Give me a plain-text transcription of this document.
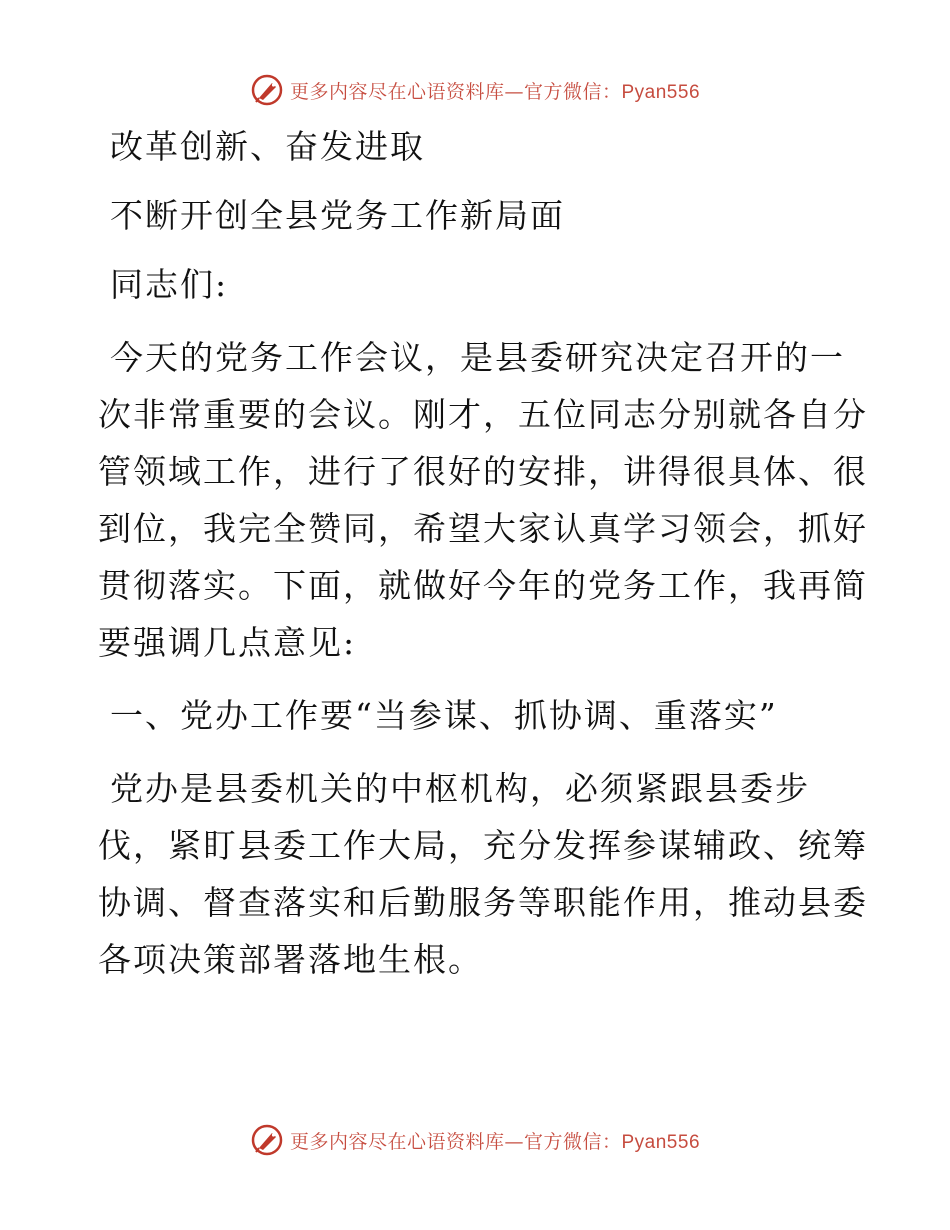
更多内容尽在心语资料库—官方微信：Pyan556
改革创新、奋发进取
不断开创全县党务工作新局面
同志们:
今天的党务工作会议，是县委研究决定召开的一
次非常重要的会议。刚才，五位同志分别就各自分
管领域工作，进行了很好的安排，讲得很具体、很
到位，我完全赞同，希望大家认真学习领会，抓好
贯彻落实。下面，就做好今年的党务工作，我再简
要强调几点意见:
一、党办工作要“当参谋、抓协调、重落实”
党办是县委机关的中枢机构，必须紧跟县委步
伐，紧盯县委工作大局，充分发挥参谋辅政、统筹
协调、督查落实和后勤服务等职能作用，推动县委
各项决策部署落地生根。
更多内容尽在心语资料库—官方微信：Pyan556
